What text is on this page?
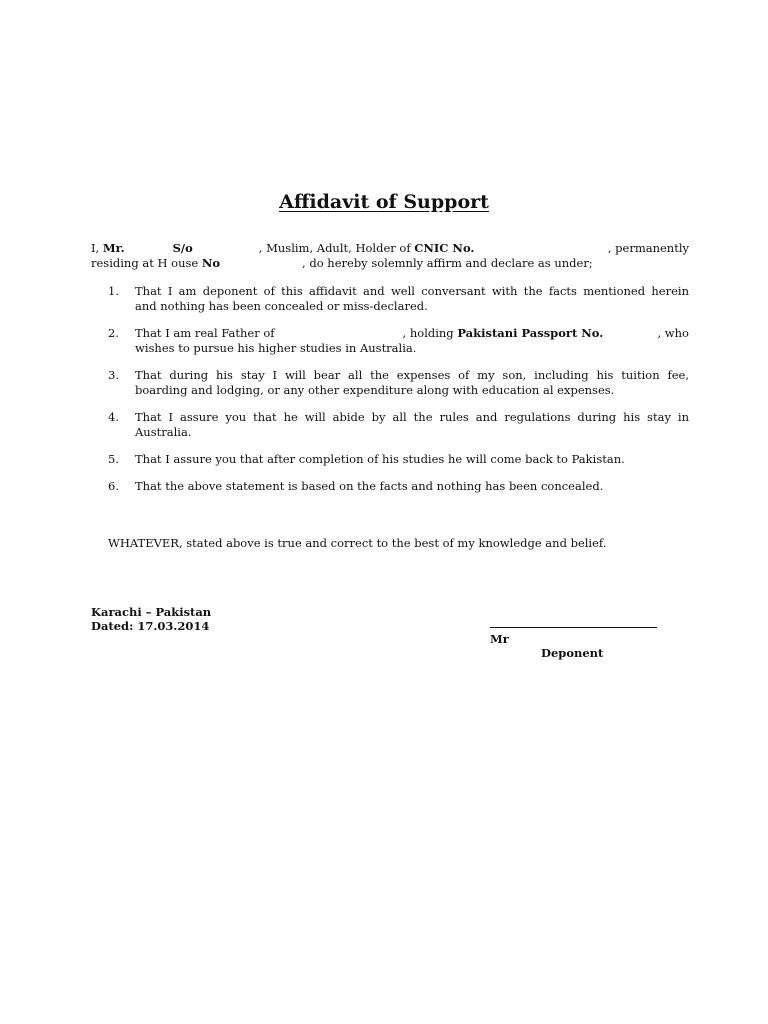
Affidavit of Support
I, Mr.	S/o	, Muslim, Adult, Holder of CNIC No.	, permanently
residing at H ouse No	, do hereby solemnly affirm and declare as under;
1. That I am deponent of this affidavit and well conversant with the facts mentioned herein
and nothing has been concealed or miss-declared.
2. That I am real Father of	, holding Pakistani Passport No.	, who
wishes to pursue his higher studies in Australia.
3. That during his stay I will bear all the expenses of my son, including his tuition fee,
boarding and lodging, or any other expenditure along with education al expenses.
4. That I assure you that he will abide by all the rules and regulations during his stay in
Australia.
5. That I assure you that after completion of his studies he will come back to Pakistan.
6. That the above statement is based on the facts and nothing has been concealed.
WHATEVER, stated above is true and correct to the best of my knowledge and belief.
Karachi – Pakistan
Dated: 17.03.2014
Mr
Deponent
